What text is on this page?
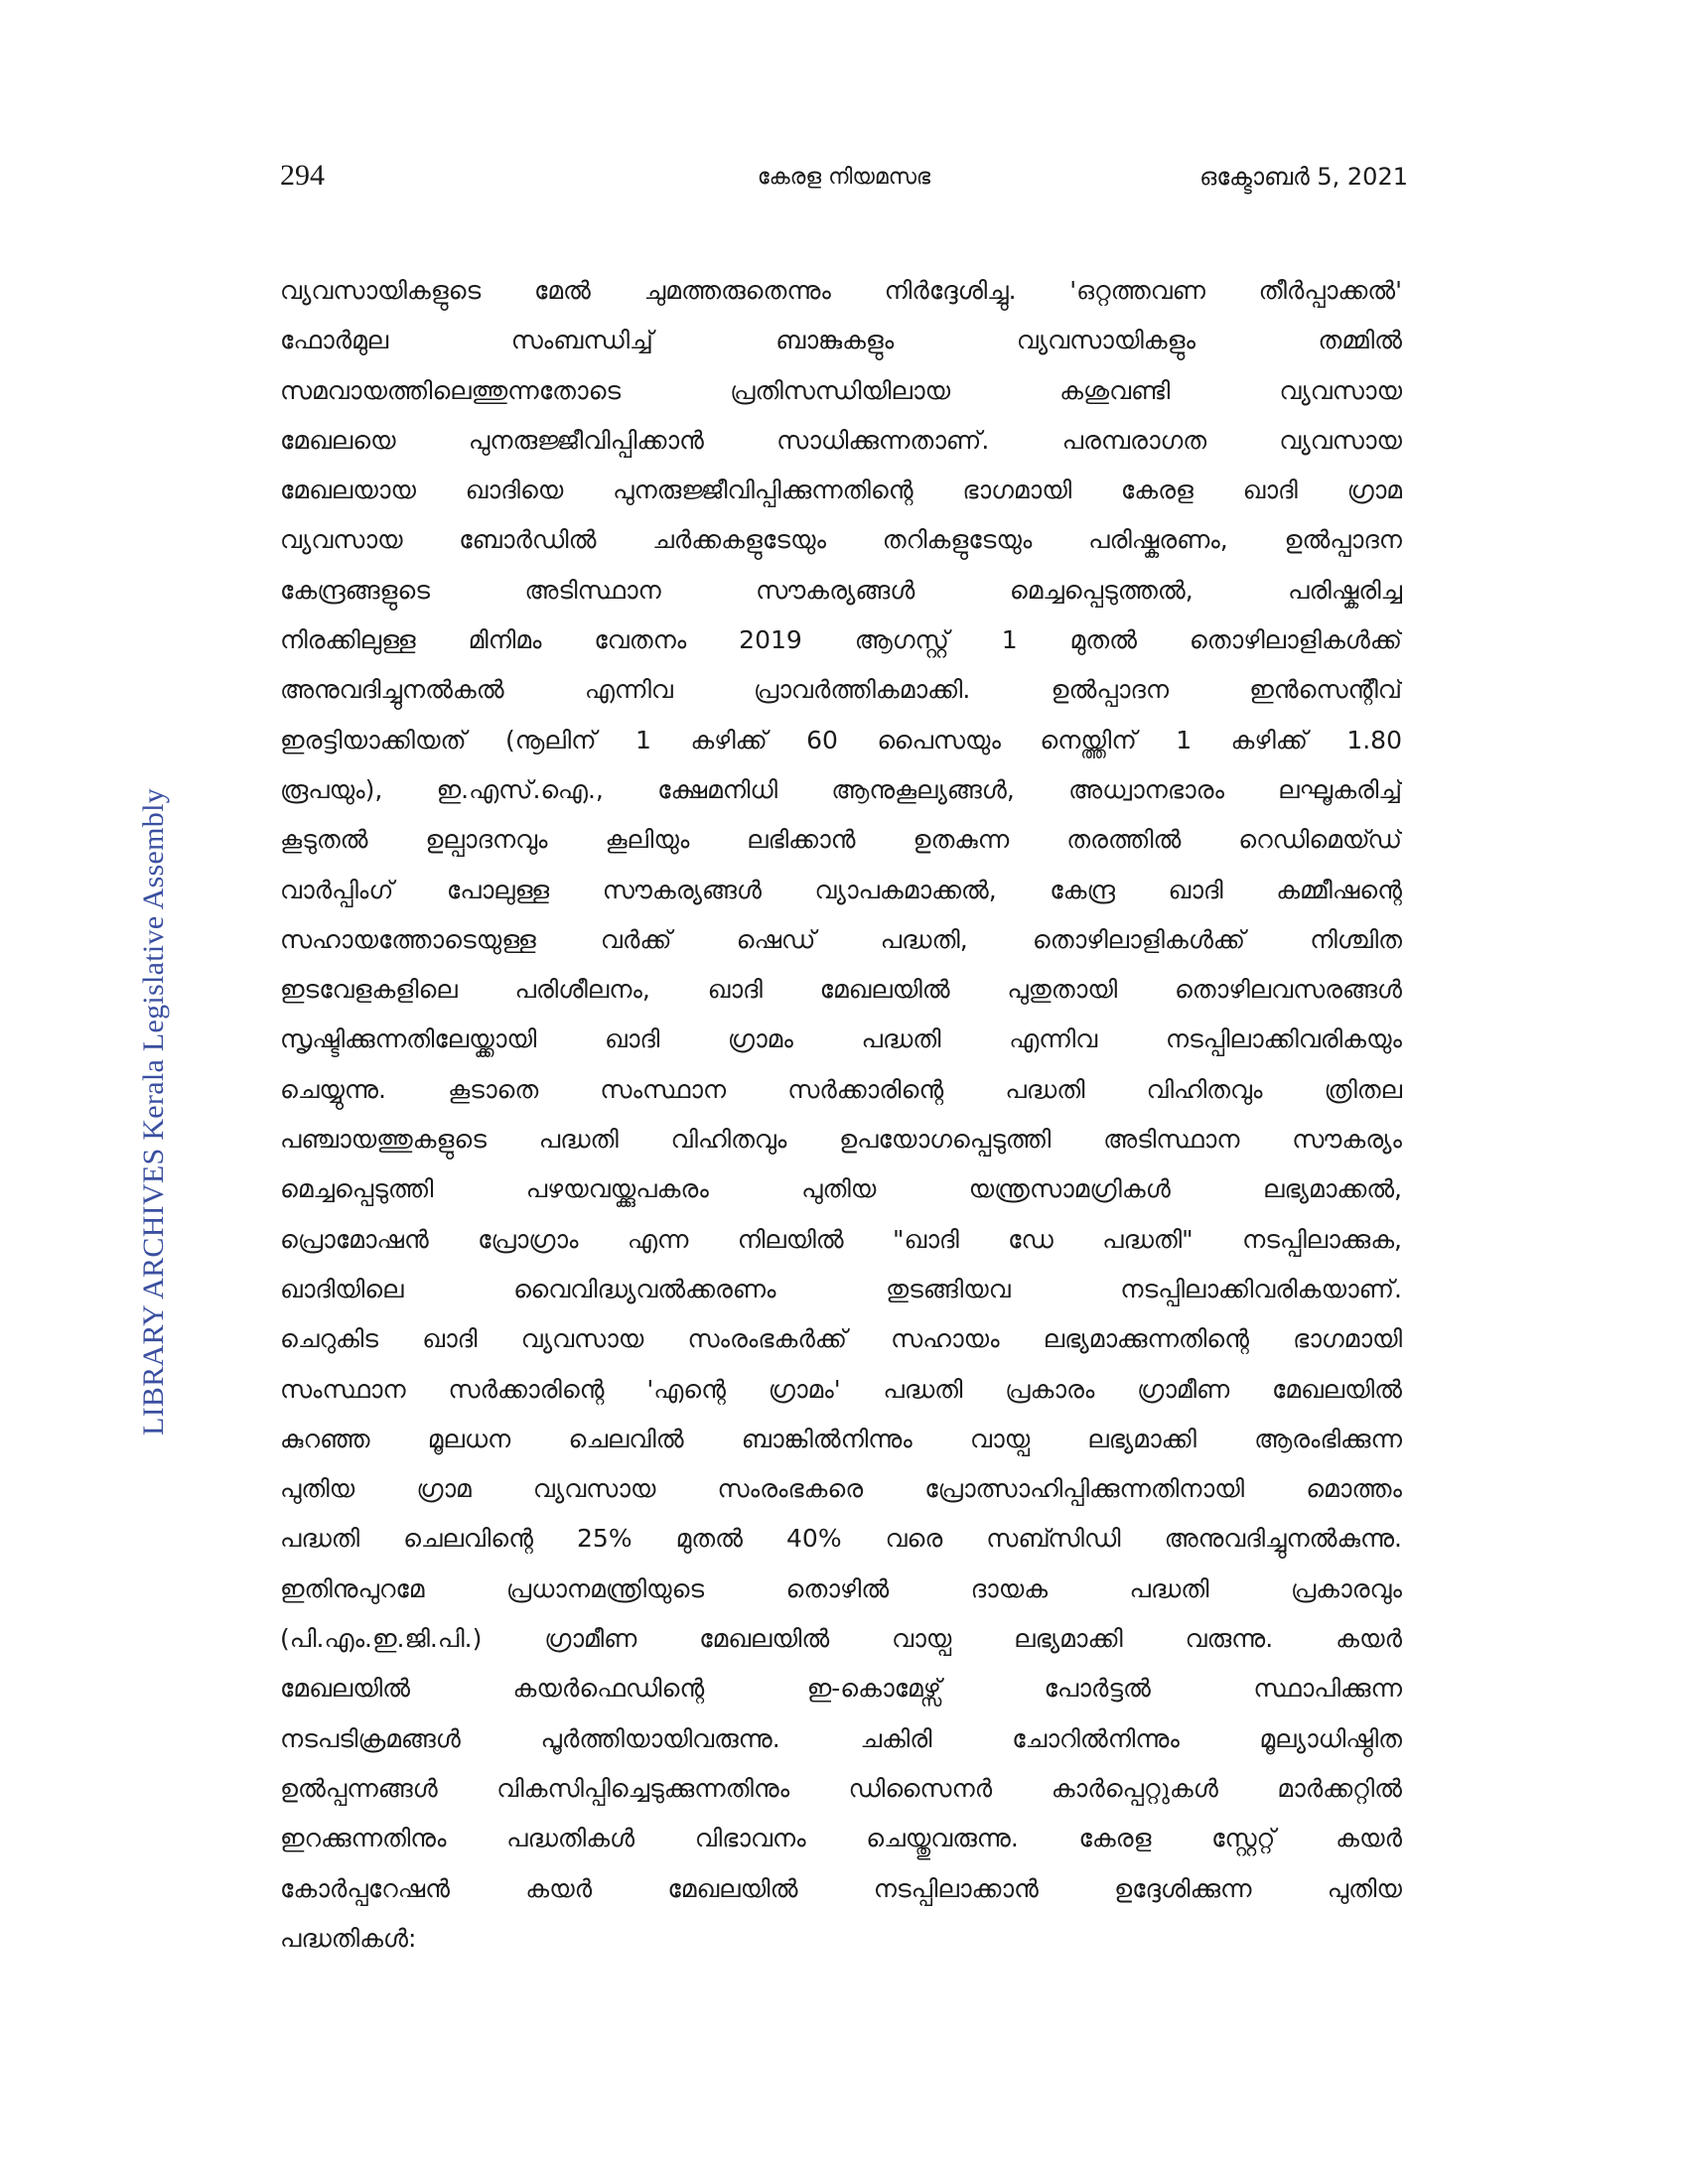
294	കേരള നിയമസഭ	ഒക്ടോബർ 5, 2021
LIBRARY ARCHIVES Kerala Legislative Assembly
വ്യവസായികളുടെ മേൽ ചുമത്തരുതെന്നും നിർദ്ദേശിച്ചു. 'ഒറ്റത്തവണ തീർപ്പാക്കൽ'
ഫോർമുല സംബന്ധിച്ച് ബാങ്കുകളും വ്യവസായികളും തമ്മിൽ
സമവായത്തിലെത്തുന്നതോടെ പ്രതിസന്ധിയിലായ കശുവണ്ടി വ്യവസായ
മേഖലയെ പുനരുജ്ജീവിപ്പിക്കാൻ സാധിക്കുന്നതാണ്. പരമ്പരാഗത വ്യവസായ
മേഖലയായ ഖാദിയെ പുനരുജ്ജീവിപ്പിക്കുന്നതിന്റെ ഭാഗമായി കേരള ഖാദി ഗ്രാമ
വ്യവസായ ബോർഡിൽ ചർക്കകളുടേയും തറികളുടേയും പരിഷ്കരണം, ഉൽപ്പാദന
കേന്ദ്രങ്ങളുടെ അടിസ്ഥാന സൗകര്യങ്ങൾ മെച്ചപ്പെടുത്തൽ, പരിഷ്കരിച്ച
നിരക്കിലുള്ള മിനിമം വേതനം 2019 ആഗസ്റ്റ് 1 മുതൽ തൊഴിലാളികൾക്ക്
അനുവദിച്ചുനൽകൽ എന്നിവ പ്രാവർത്തികമാക്കി. ഉൽപ്പാദന ഇൻസെന്റീവ്
ഇരട്ടിയാക്കിയത് (നൂലിന് 1 കഴിക്ക് 60 പൈസയും നെയ്ത്തിന് 1 കഴിക്ക് 1.80
രൂപയും), ഇ.എസ്.ഐ., ക്ഷേമനിധി ആനുകൂല്യങ്ങൾ, അധ്വാനഭാരം ലഘൂകരിച്ച്
കൂടുതൽ ഉല്പാദനവും കൂലിയും ലഭിക്കാൻ ഉതകുന്ന തരത്തിൽ റെഡിമെയ്ഡ്
വാർപ്പിംഗ് പോലുള്ള സൗകര്യങ്ങൾ വ്യാപകമാക്കൽ, കേന്ദ്ര ഖാദി കമ്മീഷന്റെ
സഹായത്തോടെയുള്ള വർക്ക് ഷെഡ് പദ്ധതി, തൊഴിലാളികൾക്ക് നിശ്ചിത
ഇടവേളകളിലെ പരിശീലനം, ഖാദി മേഖലയിൽ പുതുതായി തൊഴിലവസരങ്ങൾ
സൃഷ്ടിക്കുന്നതിലേയ്ക്കായി ഖാദി ഗ്രാമം പദ്ധതി എന്നിവ നടപ്പിലാക്കിവരികയും
ചെയ്യുന്നു. കൂടാതെ സംസ്ഥാന സർക്കാരിന്റെ പദ്ധതി വിഹിതവും ത്രിതല
പഞ്ചായത്തുകളുടെ പദ്ധതി വിഹിതവും ഉപയോഗപ്പെടുത്തി അടിസ്ഥാന സൗകര്യം
മെച്ചപ്പെടുത്തി പഴയവയ്ക്കുപകരം പുതിയ യന്ത്രസാമഗ്രികൾ ലഭ്യമാക്കൽ,
പ്രൊമോഷൻ പ്രോഗ്രാം എന്ന നിലയിൽ "ഖാദി ഡേ പദ്ധതി" നടപ്പിലാക്കുക,
ഖാദിയിലെ വൈവിദ്ധ്യവൽക്കരണം തുടങ്ങിയവ നടപ്പിലാക്കിവരികയാണ്.
ചെറുകിട ഖാദി വ്യവസായ സംരംഭകർക്ക് സഹായം ലഭ്യമാക്കുന്നതിന്റെ ഭാഗമായി
സംസ്ഥാന സർക്കാരിന്റെ 'എന്റെ ഗ്രാമം' പദ്ധതി പ്രകാരം ഗ്രാമീണ മേഖലയിൽ
കുറഞ്ഞ മൂലധന ചെലവിൽ ബാങ്കിൽനിന്നും വായ്പ ലഭ്യമാക്കി ആരംഭിക്കുന്ന
പുതിയ ഗ്രാമ വ്യവസായ സംരംഭകരെ പ്രോത്സാഹിപ്പിക്കുന്നതിനായി മൊത്തം
പദ്ധതി ചെലവിന്റെ 25% മുതൽ 40% വരെ സബ്സിഡി അനുവദിച്ചുനൽകുന്നു.
ഇതിനുപുറമേ പ്രധാനമന്ത്രിയുടെ തൊഴിൽ ദായക പദ്ധതി പ്രകാരവും
(പി.എം.ഇ.ജി.പി.) ഗ്രാമീണ മേഖലയിൽ വായ്പ ലഭ്യമാക്കി വരുന്നു. കയർ
മേഖലയിൽ കയർഫെഡിന്റെ ഇ-കൊമേഴ്സ് പോർട്ടൽ സ്ഥാപിക്കുന്ന
നടപടിക്രമങ്ങൾ പൂർത്തിയായിവരുന്നു. ചകിരി ചോറിൽനിന്നും മൂല്യാധിഷ്ഠിത
ഉൽപ്പന്നങ്ങൾ വികസിപ്പിച്ചെടുക്കുന്നതിനും ഡിസൈനർ കാർപ്പെറ്റുകൾ മാർക്കറ്റിൽ
ഇറക്കുന്നതിനും പദ്ധതികൾ വിഭാവനം ചെയ്തുവരുന്നു. കേരള സ്റ്റേറ്റ് കയർ
കോർപ്പറേഷൻ കയർ മേഖലയിൽ നടപ്പിലാക്കാൻ ഉദ്ദേശിക്കുന്ന പുതിയ
പദ്ധതികൾ:
